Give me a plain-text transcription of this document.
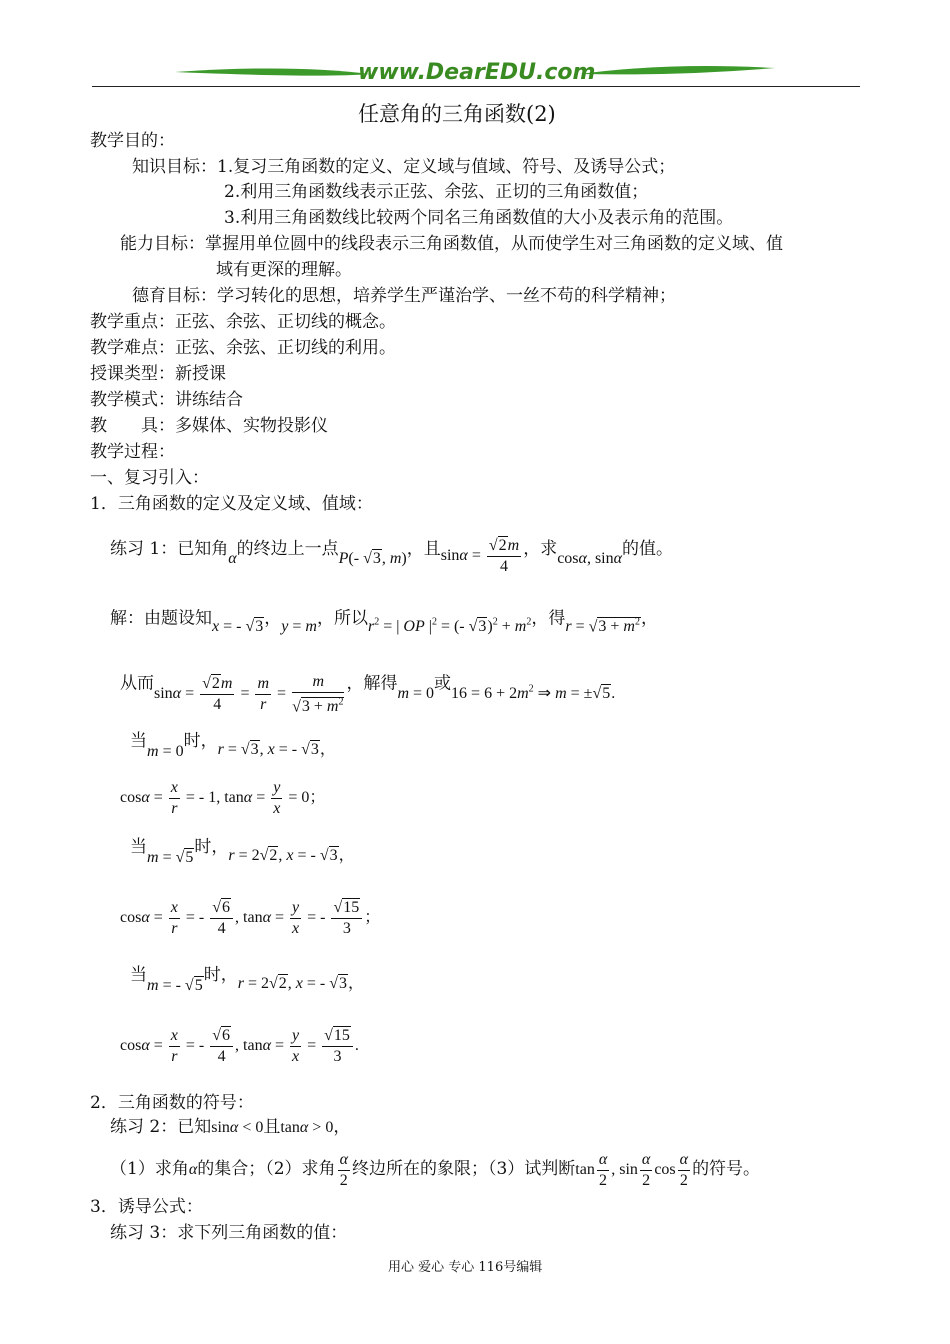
www.DearEDU.com
任意角的三角函数(2)
教学目的：
知识目标：1.复习三角函数的定义、定义域与值域、符号、及诱导公式；
2.利用三角函数线表示正弦、余弦、正切的三角函数值；
3.利用三角函数线比较两个同名三角函数值的大小及表示角的范围。
能力目标：掌握用单位圆中的线段表示三角函数值，从而使学生对三角函数的定义域、值
域有更深的理解。
德育目标：学习转化的思想，培养学生严谨治学、一丝不苟的科学精神；
教学重点：正弦、余弦、正切线的概念。
教学难点：正弦、余弦、正切线的利用。
授课类型：新授课
教学模式：讲练结合
教　　具：多媒体、实物投影仪
教学过程：
一、复习引入：
1．三角函数的定义及定义域、值域：
练习 1：已知角α的终边上一点P(- √3, m)，且$\sin\alpha = \frac{√2m}{4}$ ，求cosα, sinα的值。
解：由题设知x = - √3，y = m，所以$r^2$ = | OP $|^2$ = (- $√3)^2 + m^2$，得$r = √3 + m^2$，
从而$\sin\alpha = \frac{√2m}{4} = \frac{m}{r} = \frac{m}{√3 + m^2}$ ，解得m = 0或$16 = 6 + 2m^2$ ⇒ m = ±√5.
当m = 0时，r = √3, x = - √3，
$\cos\alpha = \frac{x}{r}$ = - 1, $\tan\alpha = \frac{y}{x} = 0$；
当m = √5时，r = 2√2, x = - √3，
$\cos\alpha = \frac{x}{r}$ = - $\frac{√6}{4}$ , $\tan\alpha = \frac{y}{x}$ = - $\frac{√15}{3}$ ；
当m = - √5时，r = 2√2, x = - √3，
$\cos\alpha = \frac{x}{r}$ = - $\frac{√6}{4}$ , $\tan\alpha = \frac{y}{x} = \frac{√15}{3}$ .
2．三角函数的符号：
练习 2：已知sinα < 0且tanα > 0，
（1）求角α的集合；（2）求角 $\frac{\alpha}{2}$ 终边所在的象限；（3）试判断$\tan \frac{\alpha}{2}$ , $\sin \frac{\alpha}{2}$ $\cos \frac{\alpha}{2}$ 的符号。
3．诱导公式：
练习 3：求下列三角函数的值：
用心 爱心 专心 116号编辑
